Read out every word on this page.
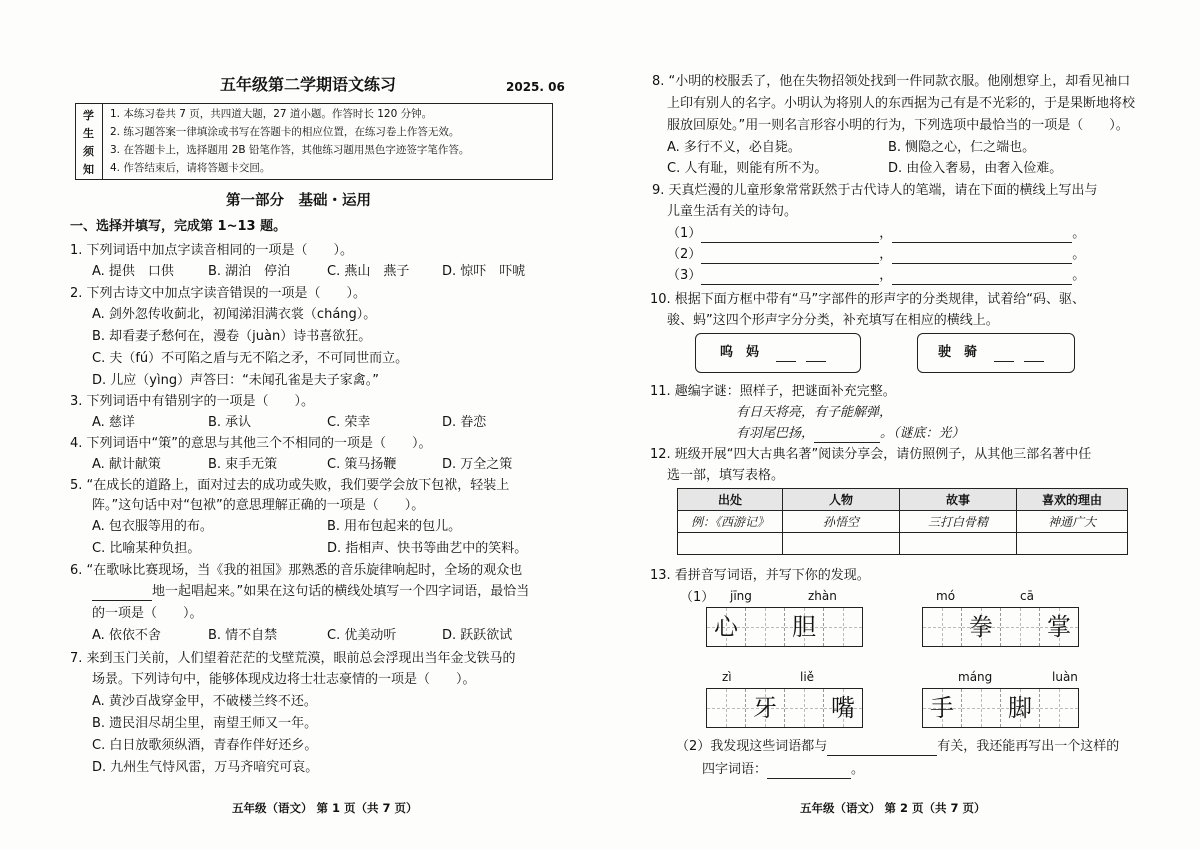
五年级第二学期语文练习	2025. 06
学
生
须
知
1. 本练习卷共 7 页，共四道大题，27 道小题。作答时长 120 分钟。
2. 练习题答案一律填涂或书写在答题卡的相应位置，在练习卷上作答无效。
3. 在答题卡上，选择题用 2B 铅笔作答，其他练习题用黑色字迹签字笔作答。
4. 作答结束后，请将答题卡交回。
第一部分　基础・运用
一、选择并填写，完成第 1~13 题。
1. 下列词语中加点字读音相同的一项是（　　）。
A. 提供　口供	B. 湖泊　停泊	C. 燕山　燕子	D. 惊吓　吓唬
2. 下列古诗文中加点字读音错误的一项是（　　）。
A. 剑外忽传收蓟北，初闻涕泪满衣裳（cháng）。
B. 却看妻子愁何在，漫卷（juàn）诗书喜欲狂。
C. 夫（fú）不可陷之盾与无不陷之矛，不可同世而立。
D. 儿应（yìng）声答曰：“未闻孔雀是夫子家禽。”
3. 下列词语中有错别字的一项是（　　）。
A. 慈详	B. 承认	C. 荣幸	D. 眷恋
4. 下列词语中“策”的意思与其他三个不相同的一项是（　　）。
A. 献计献策	B. 束手无策	C. 策马扬鞭	D. 万全之策
5. “在成长的道路上，面对过去的成功或失败，我们要学会放下包袱，轻装上
阵。”这句话中对“包袱”的意思理解正确的一项是（　　）。
A. 包衣服等用的布。	B. 用布包起来的包儿。
C. 比喻某种负担。	D. 指相声、快书等曲艺中的笑料。
6. “在歌咏比赛现场，当《我的祖国》那熟悉的音乐旋律响起时，全场的观众也
地一起唱起来。”如果在这句话的横线处填写一个四字词语，最恰当
的一项是（　　）。
A. 依依不舍	B. 情不自禁	C. 优美动听	D. 跃跃欲试
7. 来到玉门关前，人们望着茫茫的戈壁荒漠，眼前总会浮现出当年金戈铁马的
场景。下列诗句中，能够体现戍边将士壮志豪情的一项是（　　）。
A. 黄沙百战穿金甲，不破楼兰终不还。
B. 遗民泪尽胡尘里，南望王师又一年。
C. 白日放歌须纵酒，青春作伴好还乡。
D. 九州生气恃风雷，万马齐喑究可哀。
五年级（语文） 第 1 页（共 7 页）
8. “小明的校服丢了，他在失物招领处找到一件同款衣服。他刚想穿上，却看见袖口
上印有别人的名字。小明认为将别人的东西据为己有是不光彩的，于是果断地将校
服放回原处。”用一则名言形容小明的行为，下列选项中最恰当的一项是（　　）。
A. 多行不义，必自毙。	B. 恻隐之心，仁之端也。
C. 人有耻，则能有所不为。	D. 由俭入奢易，由奢入俭难。
9. 天真烂漫的儿童形象常常跃然于古代诗人的笔端，请在下面的横线上写出与
儿童生活有关的诗句。
（1）	，	。
（2）	，	。
（3）	，	。
10. 根据下面方框中带有“马”字部件的形声字的分类规律，试着给“码、驱、
骏、蚂”这四个形声字分分类，补充填写在相应的横线上。
呜　妈	驶　骑
11. 趣编字谜：照样子，把谜面补充完整。
有日天将亮，有子能解弹，
有羽尾巴扬，	。（谜底：光）
12. 班级开展“四大古典名著”阅读分享会，请仿照例子，从其他三部名著中任
选一部，填写表格。
13. 看拼音写词语，并写下你的发现。
（1）
（2）我发现这些词语都与	有关，我还能再写出一个这样的
四字词语：	。
五年级（语文） 第 2 页（共 7 页）
出处	人物	故事	喜欢的理由
例：《西游记》	孙悟空	三打白骨精	神通广大

jīng	zhàn
心	胆
mó	cā
拳	掌
zì	liě
牙	嘴
máng	luàn
手	脚
